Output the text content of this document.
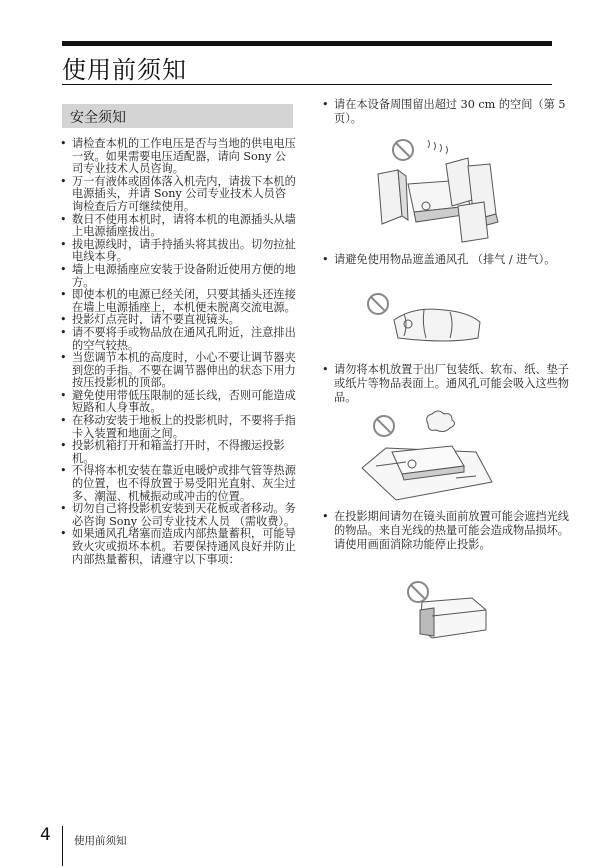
使用前须知
安全须知
• 请检查本机的工作电压是否与当地的供电电压一致。如果需要电压适配器，请向 Sony 公司专业技术人员咨询。
• 万一有液体或固体落入机壳内，请拔下本机的电源插头，并请 Sony 公司专业技术人员咨询检查后方可继续使用。
• 数日不使用本机时，请将本机的电源插头从墙上电源插座拔出。
• 拔电源线时，请手持插头将其拔出。切勿拉扯电线本身。
• 墙上电源插座应安装于设备附近使用方便的地方。
• 即使本机的电源已经关闭，只要其插头还连接在墙上电源插座上，本机便未脱离交流电源。
• 投影灯点亮时，请不要直视镜头。
• 请不要将手或物品放在通风孔附近，注意排出的空气较热。
• 当您调节本机的高度时，小心不要让调节器夹到您的手指。不要在调节器伸出的状态下用力按压投影机的顶部。
• 避免使用带低压限制的延长线，否则可能造成短路和人身事故。
• 在移动安装于地板上的投影机时，不要将手指卡入装置和地面之间。
• 投影机箱打开和箱盖打开时，不得搬运投影机。
• 不得将本机安装在靠近电暖炉或排气管等热源的位置，也不得放置于易受阳光直射、灰尘过多、潮湿、机械振动或冲击的位置。
• 切勿自己将投影机安装到天花板或者移动。务必咨询 Sony 公司专业技术人员 （需收费）。
• 如果通风孔堵塞而造成内部热量蓄积，可能导致火灾或损坏本机。若要保持通风良好并防止内部热量蓄积，请遵守以下事项：
• 请在本设备周围留出超过 30 cm 的空间（第 5 页）。
• 请避免使用物品遮盖通风孔 （排气 / 进气）。
• 请勿将本机放置于出厂包装纸、软布、纸、垫子或纸片等物品表面上。通风孔可能会吸入这些物品。
• 在投影期间请勿在镜头面前放置可能会遮挡光线的物品。来自光线的热量可能会造成物品损坏。请使用画面消除功能停止投影。
4 使用前须知
